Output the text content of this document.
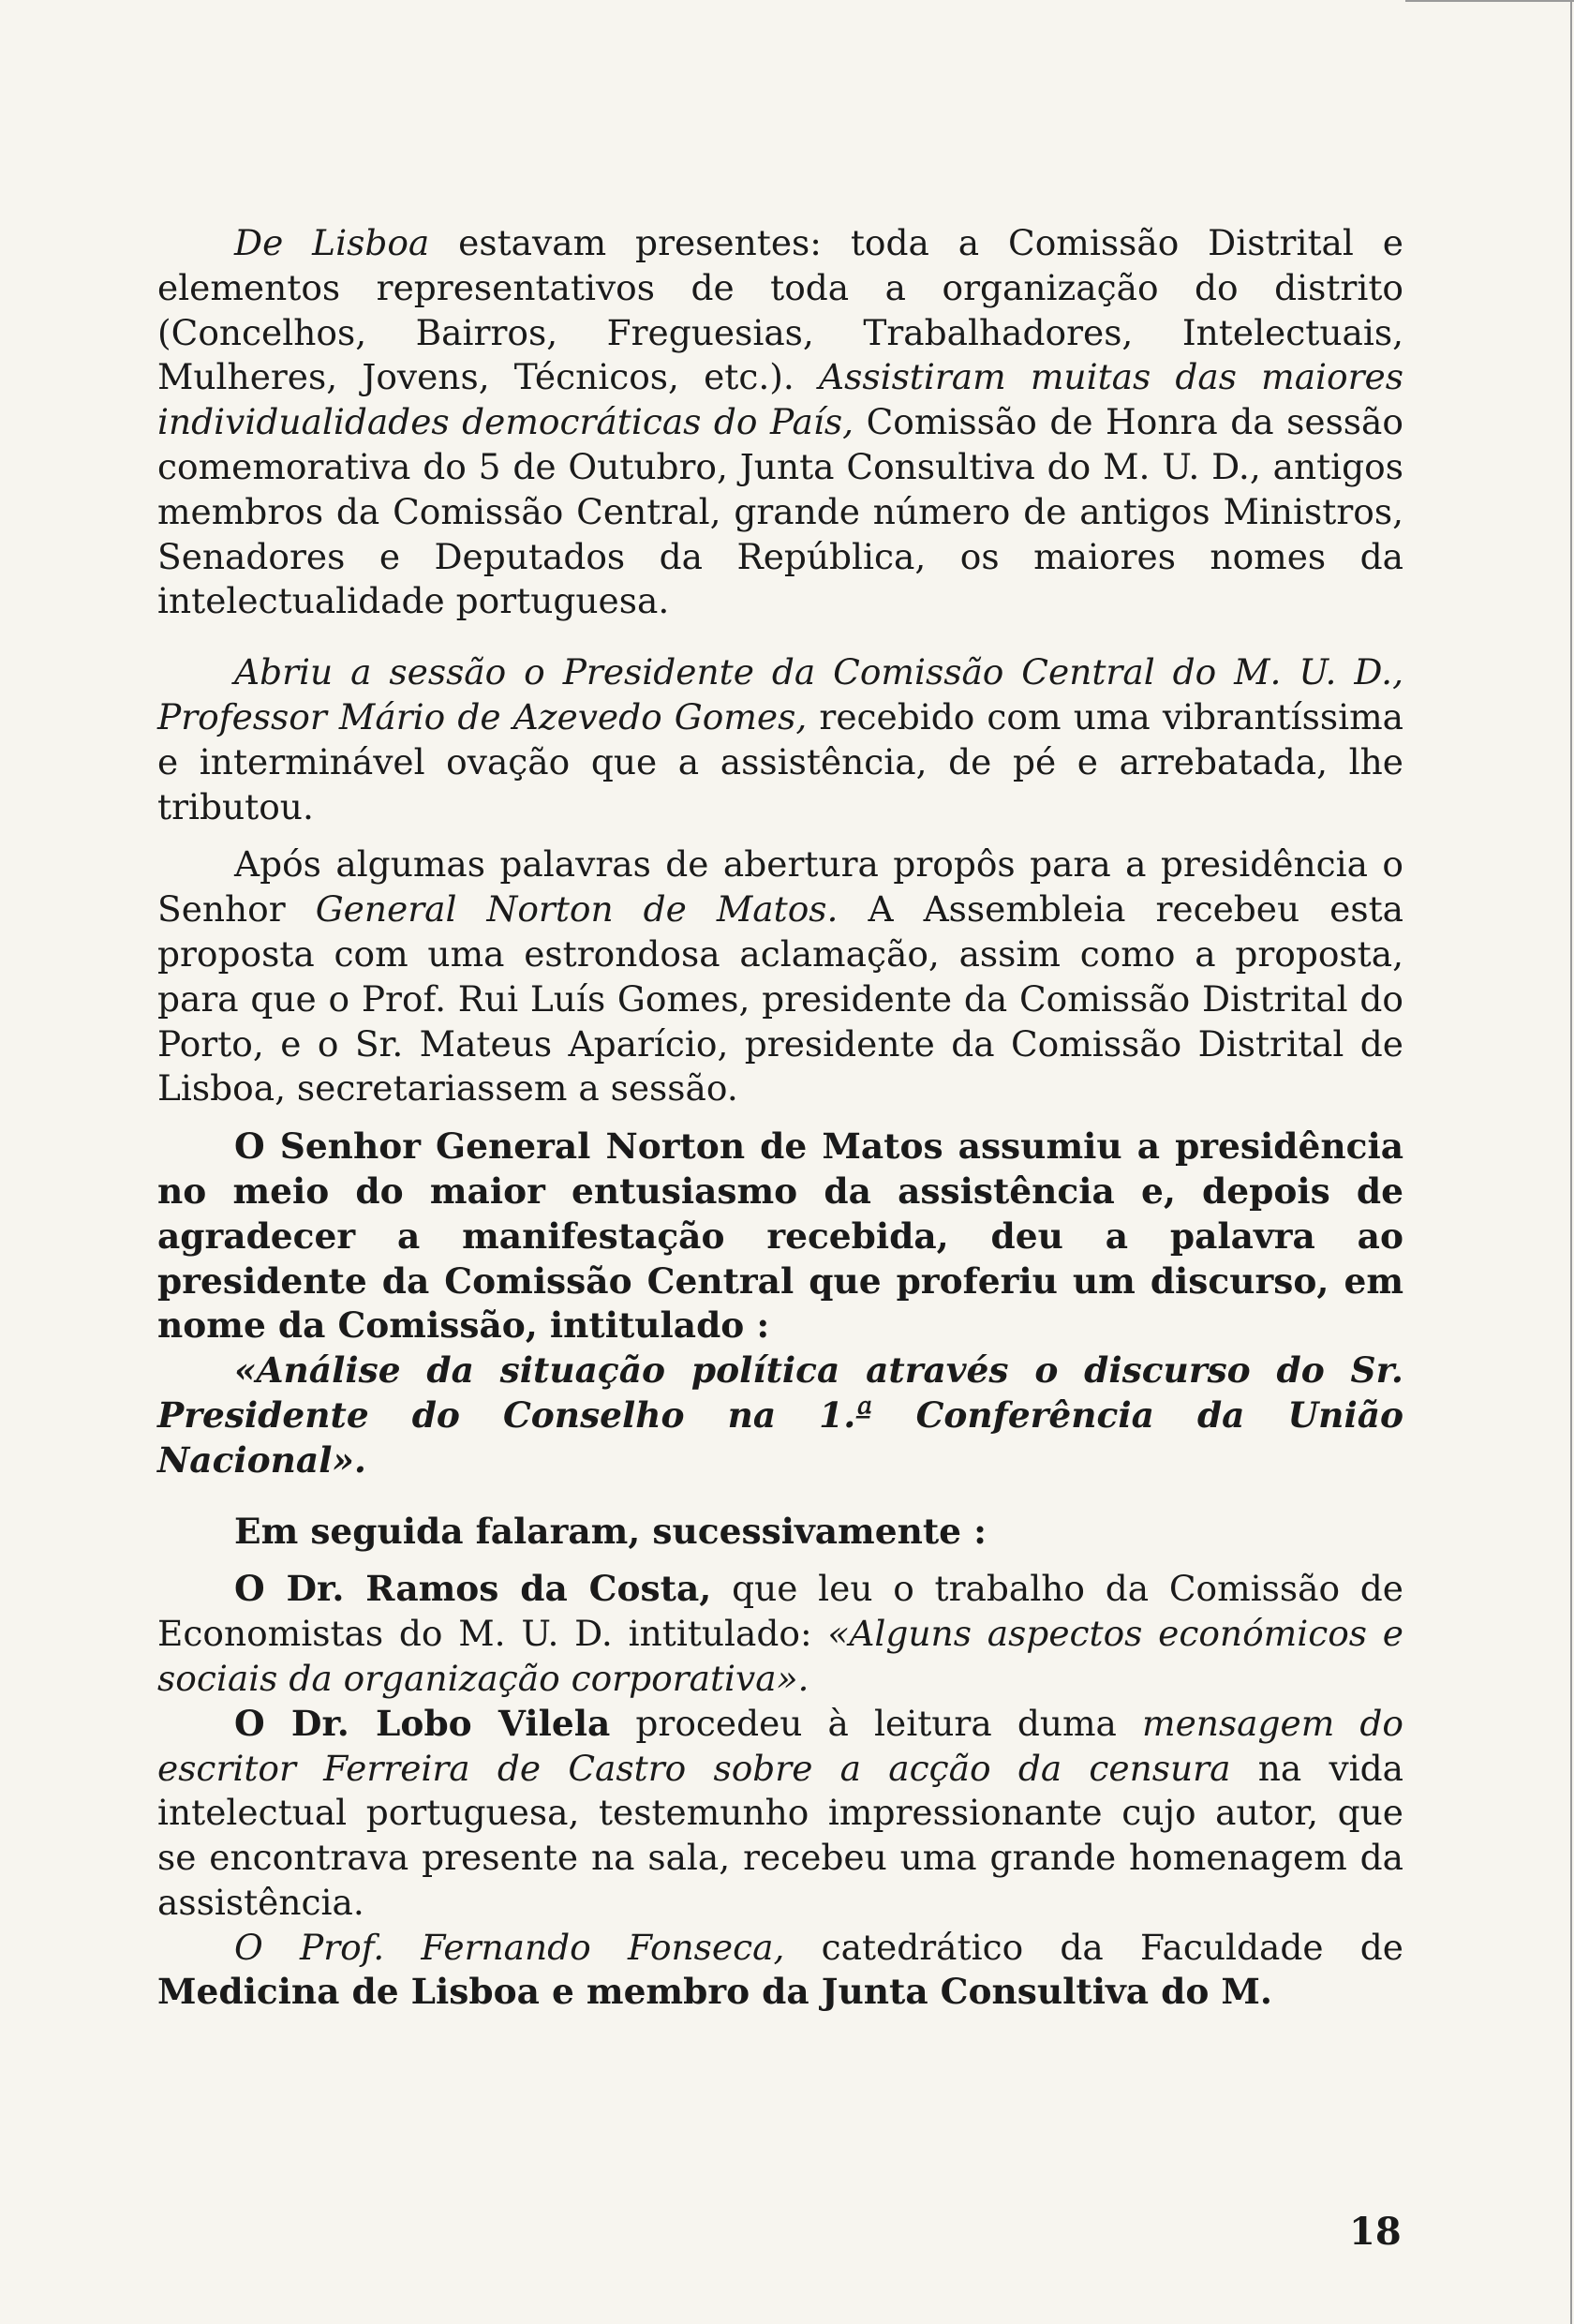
De Lisboa estavam presentes: toda a Comissão Distrital e elementos representativos de toda a organização do distrito (Concelhos, Bairros, Freguesias, Trabalhadores, Intelectuais, Mulheres, Jovens, Técnicos, etc.). Assistiram muitas das maiores individualidades democráticas do País, Comissão de Honra da sessão comemorativa do 5 de Outubro, Junta Consultiva do M. U. D., antigos membros da Comissão Central, grande número de antigos Ministros, Senadores e Deputados da República, os maiores nomes da intelectualidade portuguesa.

Abriu a sessão o Presidente da Comissão Central do M. U. D., Professor Mário de Azevedo Gomes, recebido com uma vibrantíssima e interminável ovação que a assistência, de pé e arrebatada, lhe tributou.

Após algumas palavras de abertura propôs para a presidência o Senhor General Norton de Matos. A Assembleia recebeu esta proposta com uma estrondosa aclamação, assim como a proposta, para que o Prof. Rui Luís Gomes, presidente da Comissão Distrital do Porto, e o Sr. Mateus Aparício, presidente da Comissão Distrital de Lisboa, secretariassem a sessão.

O Senhor General Norton de Matos assumiu a presidência no meio do maior entusiasmo da assistência e, depois de agradecer a manifestação recebida, deu a palavra ao presidente da Comissão Central que proferiu um discurso, em nome da Comissão, intitulado :

«Análise da situação política através o discurso do Sr. Presidente do Conselho na 1.ª Conferência da União Nacional».

Em seguida falaram, sucessivamente :

O Dr. Ramos da Costa, que leu o trabalho da Comissão de Economistas do M. U. D. intitulado: «Alguns aspectos económicos e sociais da organização corporativa».

O Dr. Lobo Vilela procedeu à leitura duma mensagem do escritor Ferreira de Castro sobre a acção da censura na vida intelectual portuguesa, testemunho impressionante cujo autor, que se encontrava presente na sala, recebeu uma grande homenagem da assistência.

O Prof. Fernando Fonseca, catedrático da Faculdade de Medicina de Lisboa e membro da Junta Consultiva do M.

18
